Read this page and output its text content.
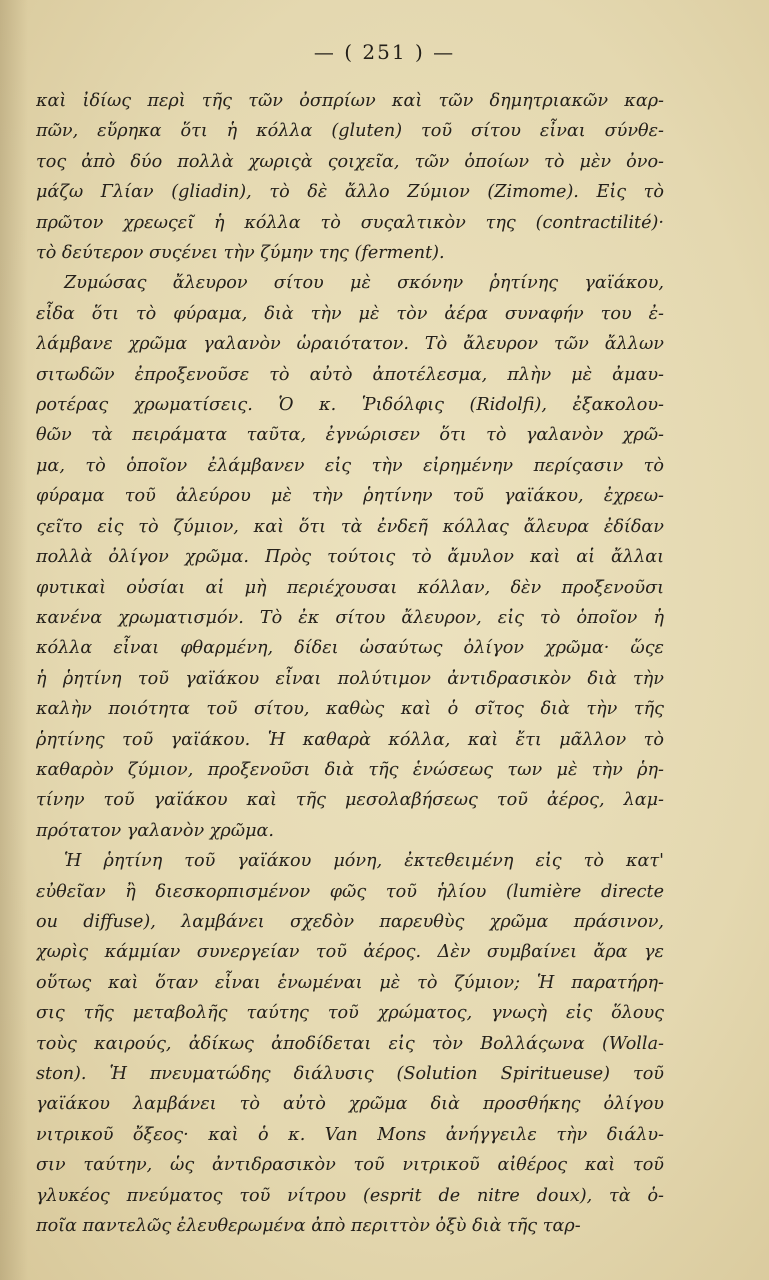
— ( 251 ) —
καὶ ἰδίως περὶ τῆς τῶν ὀσπρίων καὶ τῶν δημητριακῶν καρ-
πῶν, εὕρηκα ὅτι ἡ κόλλα (gluten) τοῦ σίτου εἶναι σύνθε-
τος ἀπὸ δύο πολλὰ χωριςὰ ςοιχεῖα, τῶν ὁποίων τὸ μὲν ὀνο-
μάζω Γλίαν (gliadin), τὸ δὲ ἄλλο Ζύμιον (Zimome). Εἰς τὸ
πρῶτον χρεωςεῖ ἡ κόλλα τὸ συςαλτικὸν της (contractilité)·
τὸ δεύτερον συςένει τὴν ζύμην της (ferment).
Ζυμώσας ἄλευρον σίτου μὲ σκόνην ῥητίνης γαϊάκου,
εἶδα ὅτι τὸ φύραμα, διὰ τὴν μὲ τὸν ἀέρα συναφήν του ἐ-
λάμβανε χρῶμα γαλανὸν ὡραιότατον. Τὸ ἄλευρον τῶν ἄλλων
σιτωδῶν ἐπροξενοῦσε τὸ αὐτὸ ἀποτέλεσμα, πλὴν μὲ ἀμαυ-
ροτέρας χρωματίσεις. Ὁ κ. Ῥιδόλφις (Ridolfi), ἐξακολου-
θῶν τὰ πειράματα ταῦτα, ἐγνώρισεν ὅτι τὸ γαλανὸν χρῶ-
μα, τὸ ὁποῖον ἐλάμβανεν εἰς τὴν εἰρημένην περίςασιν τὸ
φύραμα τοῦ ἀλεύρου μὲ τὴν ῥητίνην τοῦ γαϊάκου, ἐχρεω-
ςεῖτο εἰς τὸ ζύμιον, καὶ ὅτι τὰ ἐνδεῆ κόλλας ἄλευρα ἐδίδαν
πολλὰ ὀλίγον χρῶμα. Πρὸς τούτοις τὸ ἄμυλον καὶ αἱ ἄλλαι
φυτικαὶ οὐσίαι αἱ μὴ περιέχουσαι κόλλαν, δὲν προξενοῦσι
κανένα χρωματισμόν. Τὸ ἐκ σίτου ἄλευρον, εἰς τὸ ὁποῖον ἡ
κόλλα εἶναι φθαρμένη, δίδει ὡσαύτως ὀλίγον χρῶμα· ὥςε
ἡ ῥητίνη τοῦ γαϊάκου εἶναι πολύτιμον ἀντιδρασικὸν διὰ τὴν
καλὴν ποιότητα τοῦ σίτου, καθὼς καὶ ὁ σῖτος διὰ τὴν τῆς
ῥητίνης τοῦ γαϊάκου. Ἡ καθαρὰ κόλλα, καὶ ἔτι μᾶλλον τὸ
καθαρὸν ζύμιον, προξενοῦσι διὰ τῆς ἑνώσεως των μὲ τὴν ῥη-
τίνην τοῦ γαϊάκου καὶ τῆς μεσολαβήσεως τοῦ ἀέρος, λαμ-
πρότατον γαλανὸν χρῶμα.
Ἡ ῥητίνη τοῦ γαϊάκου μόνη, ἐκτεθειμένη εἰς τὸ κατ'
εὐθεῖαν ἢ διεσκορπισμένον φῶς τοῦ ἡλίου (lumière directe
ou diffuse), λαμβάνει σχεδὸν παρευθὺς χρῶμα πράσινον,
χωρὶς κάμμίαν συνεργείαν τοῦ ἀέρος. Δὲν συμβαίνει ἄρα γε
οὕτως καὶ ὅταν εἶναι ἑνωμέναι μὲ τὸ ζύμιον; Ἡ παρατήρη-
σις τῆς μεταβολῆς ταύτης τοῦ χρώματος, γνωςὴ εἰς ὅλους
τοὺς καιρούς, ἀδίκως ἀποδίδεται εἰς τὸν Βολλάςωνα (Wolla-
ston). Ἡ πνευματώδης διάλυσις (Solution Spiritueuse) τοῦ
γαϊάκου λαμβάνει τὸ αὐτὸ χρῶμα διὰ προσθήκης ὀλίγου
νιτρικοῦ ὄξεος· καὶ ὁ κ. Van Mons ἀνήγγειλε τὴν διάλυ-
σιν ταύτην, ὡς ἀντιδρασικὸν τοῦ νιτρικοῦ αἰθέρος καὶ τοῦ
γλυκέος πνεύματος τοῦ νίτρου (esprit de nitre doux), τὰ ὁ-
ποῖα παντελῶς ἐλευθερωμένα ἀπὸ περιττὸν ὀξὺ διὰ τῆς ταρ-
